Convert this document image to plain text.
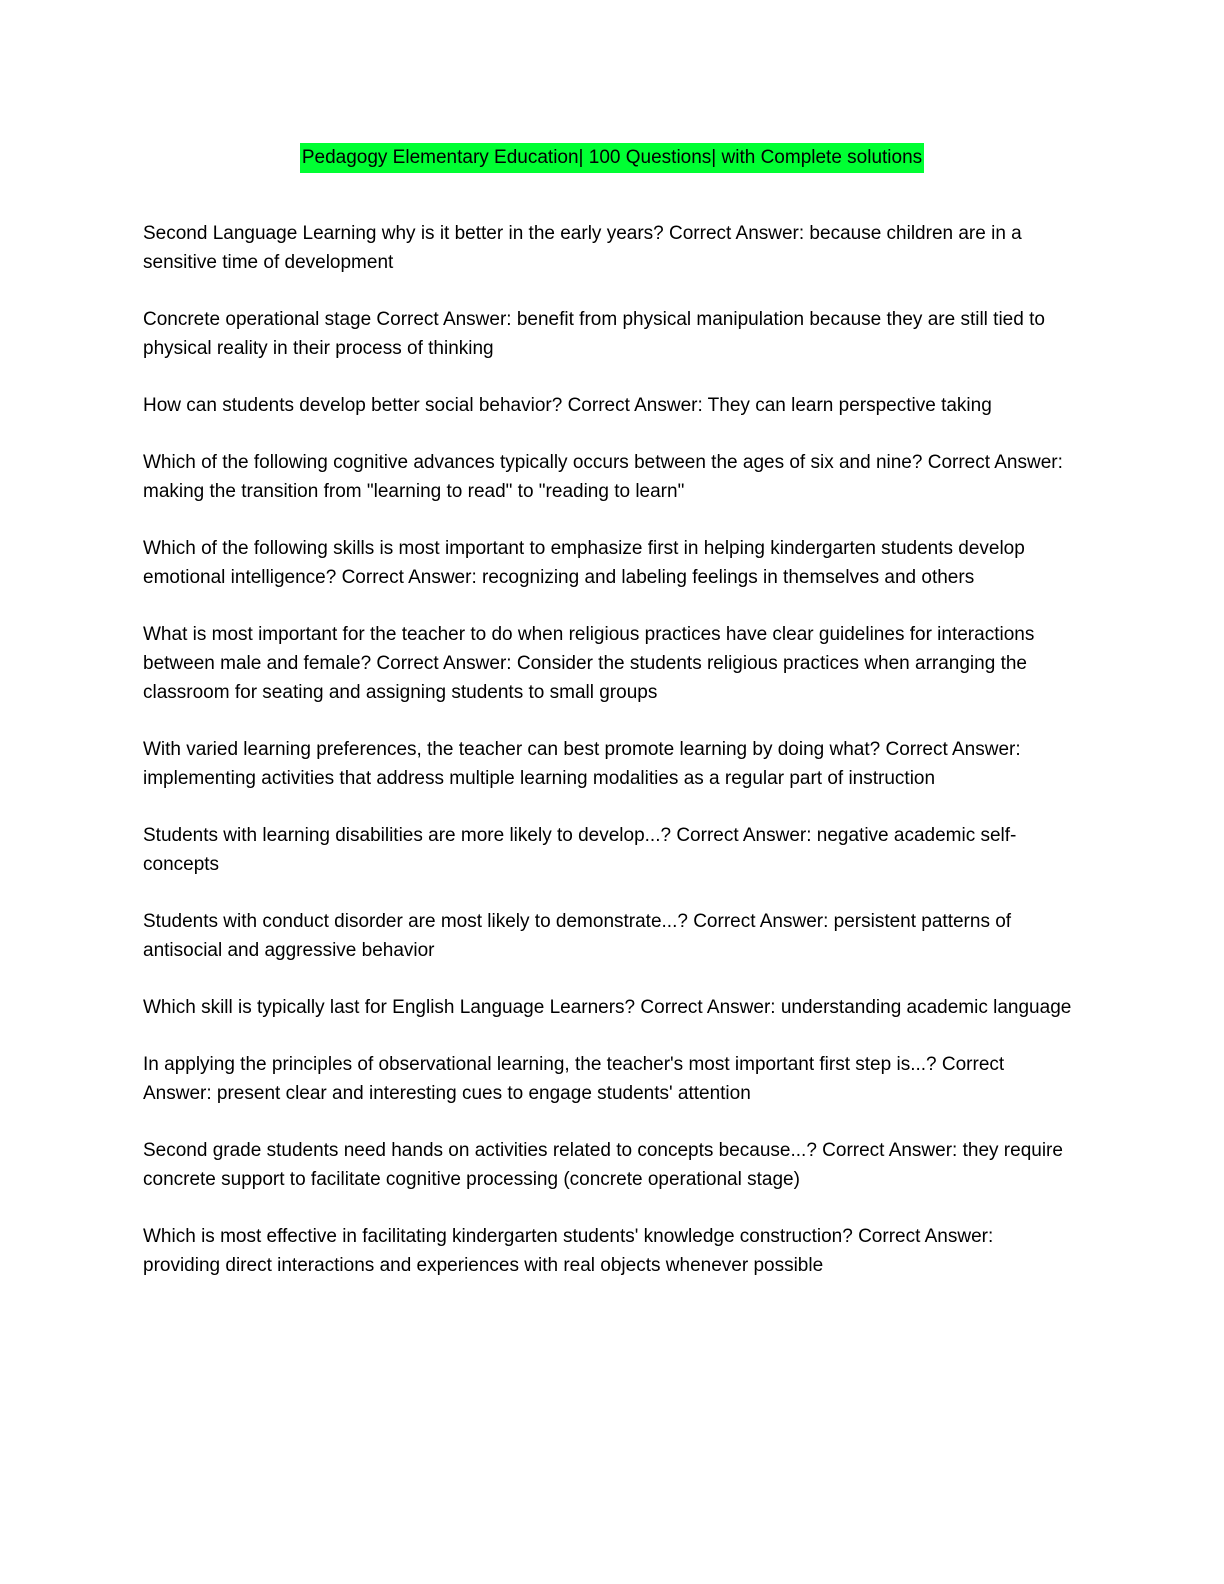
Pedagogy Elementary Education| 100 Questions| with Complete solutions

Second Language Learning why is it better in the early years? Correct Answer: because children are in a sensitive time of development

Concrete operational stage Correct Answer: benefit from physical manipulation because they are still tied to physical reality in their process of thinking

How can students develop better social behavior? Correct Answer: They can learn perspective taking

Which of the following cognitive advances typically occurs between the ages of six and nine? Correct Answer: making the transition from "learning to read" to "reading to learn"

Which of the following skills is most important to emphasize first in helping kindergarten students develop emotional intelligence? Correct Answer: recognizing and labeling feelings in themselves and others

What is most important for the teacher to do when religious practices have clear guidelines for interactions between male and female? Correct Answer: Consider the students religious practices when arranging the classroom for seating and assigning students to small groups

With varied learning preferences, the teacher can best promote learning by doing what? Correct Answer: implementing activities that address multiple learning modalities as a regular part of instruction

Students with learning disabilities are more likely to develop...? Correct Answer: negative academic self-concepts

Students with conduct disorder are most likely to demonstrate...? Correct Answer: persistent patterns of antisocial and aggressive behavior

Which skill is typically last for English Language Learners? Correct Answer: understanding academic language

In applying the principles of observational learning, the teacher's most important first step is...? Correct Answer: present clear and interesting cues to engage students' attention

Second grade students need hands on activities related to concepts because...? Correct Answer: they require concrete support to facilitate cognitive processing (concrete operational stage)

Which is most effective in facilitating kindergarten students' knowledge construction? Correct Answer: providing direct interactions and experiences with real objects whenever possible
